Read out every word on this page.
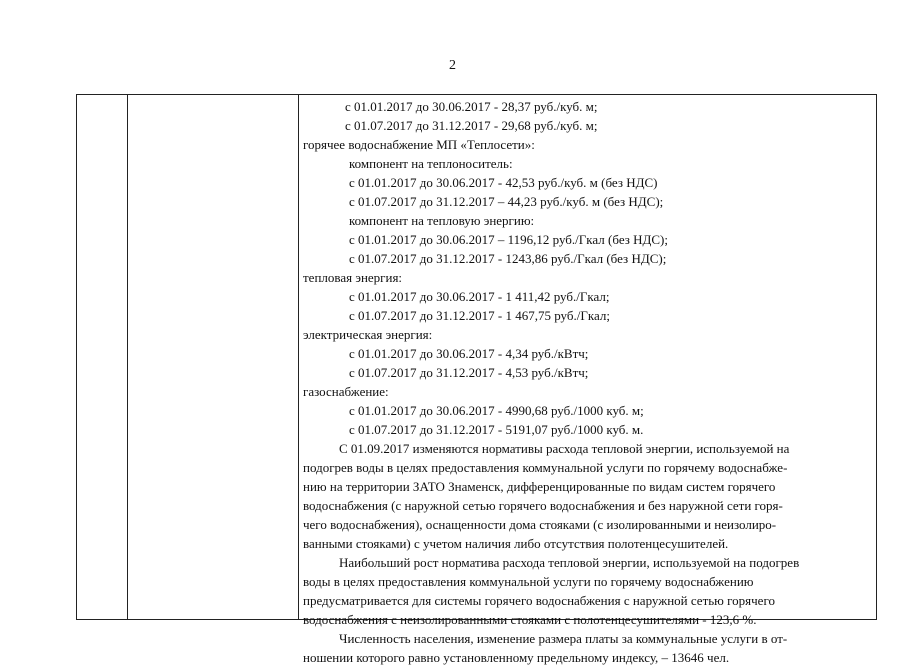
2
с 01.01.2017 до 30.06.2017 - 28,37 руб./куб. м;
с 01.07.2017 до 31.12.2017 - 29,68 руб./куб. м;
горячее водоснабжение МП «Теплосети»:
компонент на теплоноситель:
с 01.01.2017 до 30.06.2017 - 42,53 руб./куб. м (без НДС)
с 01.07.2017 до 31.12.2017 – 44,23 руб./куб. м (без НДС);
компонент на тепловую энергию:
с 01.01.2017 до 30.06.2017 – 1196,12 руб./Гкал (без НДС);
с 01.07.2017 до 31.12.2017 - 1243,86 руб./Гкал (без НДС);
тепловая энергия:
с 01.01.2017 до 30.06.2017 - 1 411,42 руб./Гкал;
с 01.07.2017 до 31.12.2017 - 1 467,75 руб./Гкал;
электрическая энергия:
с 01.01.2017 до 30.06.2017 - 4,34 руб./кВтч;
с 01.07.2017 до 31.12.2017 - 4,53 руб./кВтч;
газоснабжение:
с 01.01.2017 до 30.06.2017 - 4990,68 руб./1000 куб. м;
с 01.07.2017 до 31.12.2017 - 5191,07 руб./1000 куб. м.
С 01.09.2017 изменяются нормативы расхода тепловой энергии, используемой на
подогрев воды в целях предоставления коммунальной услуги по горячему водоснабже-
нию на территории ЗАТО Знаменск, дифференцированные по видам систем горячего
водоснабжения (с наружной сетью горячего водоснабжения и без наружной сети горя-
чего водоснабжения), оснащенности дома стояками (с изолированными и неизолиро-
ванными стояками) с учетом наличия либо отсутствия полотенцесушителей.
Наибольший рост норматива расхода тепловой энергии, используемой на подогрев
воды в целях предоставления коммунальной услуги по горячему водоснабжению
предусматривается для системы горячего водоснабжения с наружной сетью горячего
водоснабжения с неизолированными стояками с полотенцесушителями - 123,6 %.
Численность населения, изменение размера платы за коммунальные услуги в от-
ношении которого равно установленному предельному индексу, – 13646 чел.
